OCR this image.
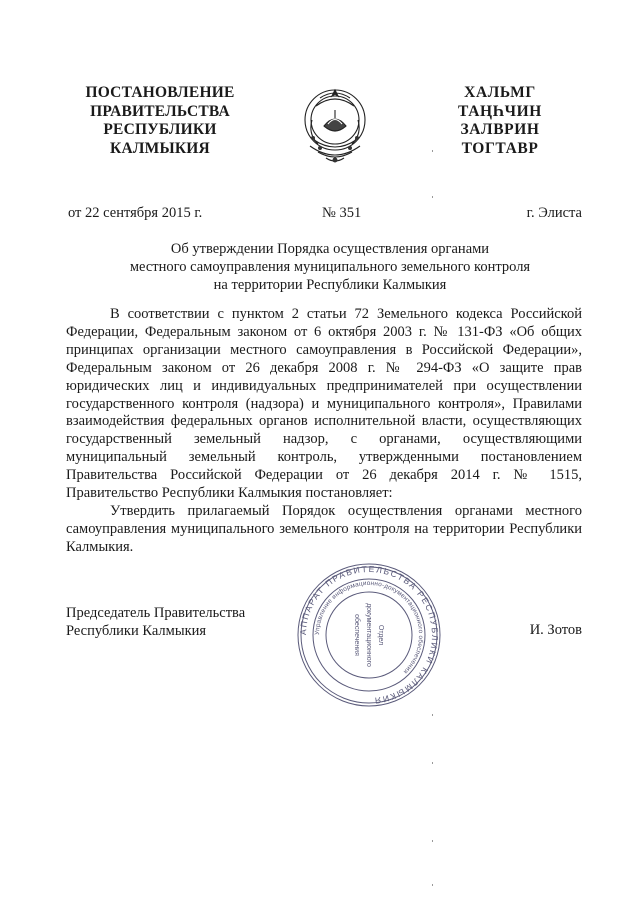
ПОСТАНОВЛЕНИЕ
ПРАВИТЕЛЬСТВА
РЕСПУБЛИКИ
КАЛМЫКИЯ
ХАЛЬМГ
ТАҢҺЧИН
ЗАЛВРИН
ТОГТАВР
от 22 сентября 2015 г.	№ 351	г. Элиста
Об утверждении Порядка осуществления органами
местного самоуправления муниципального земельного контроля
на территории Республики Калмыкия

В соответствии с пунктом 2 статьи 72 Земельного кодекса Российской Федерации, Федеральным законом от 6 октября 2003 г. № 131-ФЗ «Об общих принципах организации местного самоуправления в Российской Федерации», Федеральным законом от 26 декабря 2008 г. № 294-ФЗ «О защите прав юридических лиц и индивидуальных предпринимателей при осуществлении государственного контроля (надзора) и муниципального контроля», Правилами взаимодействия федеральных органов исполнительной власти, осуществляющих государственный земельный надзор, с органами, осуществляющими муниципальный земельный контроль, утвержденными постановлением Правительства Российской Федерации от 26 декабря 2014 г. № 1515, Правительство Республики Калмыкия постановляет:

Утвердить прилагаемый Порядок осуществления органами местного самоуправления муниципального земельного контроля на территории Республики Калмыкия.

Председатель Правительства
Республики Калмыкия	И. Зотов
АППАРАТ ПРАВИТЕЛЬСТВА РЕСПУБЛИКИ КАЛМЫКИЯ
Управление информационно-документационного обеспечения
Отдел
документационного
обеспечения
